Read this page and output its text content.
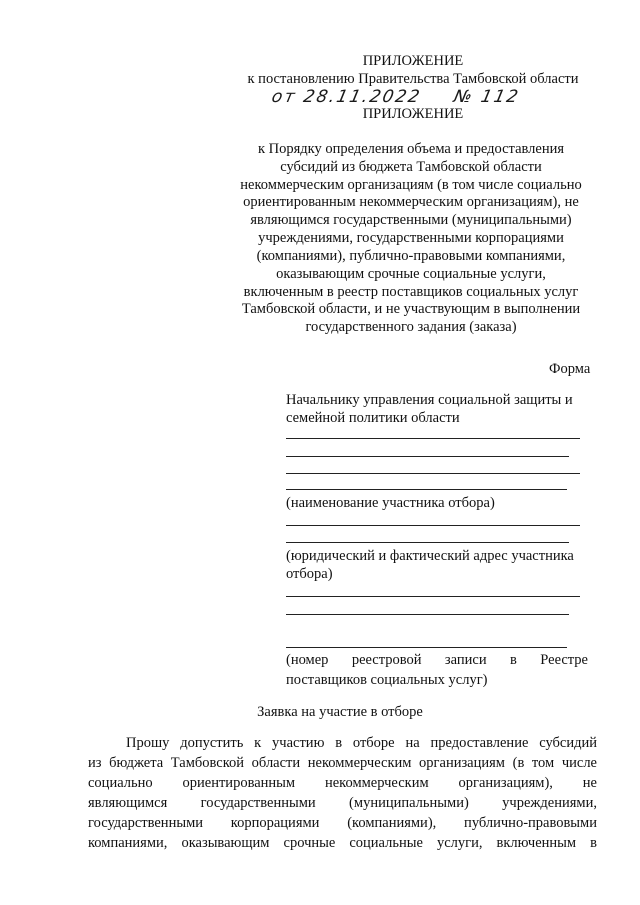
ПРИЛОЖЕНИЕ
к постановлению Правительства Тамбовской области
от 28.11.2022 № 112
ПРИЛОЖЕНИЕ
к Порядку определения объема и предоставления
субсидий из бюджета Тамбовской области
некоммерческим организациям (в том числе социально
ориентированным некоммерческим организациям), не
являющимся государственными (муниципальными)
учреждениями, государственными корпорациями
(компаниями), публично-правовыми компаниями,
оказывающим срочные социальные услуги,
включенным в реестр поставщиков социальных услуг
Тамбовской области, и не участвующим в выполнении
государственного задания (заказа)
Форма
Начальнику управления социальной защиты и
семейной политики области
(наименование участника отбора)
(юридический и фактический адрес участника
отбора)
(номер реестровой записи в Реестре
поставщиков социальных услуг)
Заявка на участие в отборе
Прошу допустить к участию в отборе на предоставление субсидий
из бюджета Тамбовской области некоммерческим организациям (в том числе
социально ориентированным некоммерческим организациям), не
являющимся государственными (муниципальными) учреждениями,
государственными корпорациями (компаниями), публично-правовыми
компаниями, оказывающим срочные социальные услуги, включенным в
